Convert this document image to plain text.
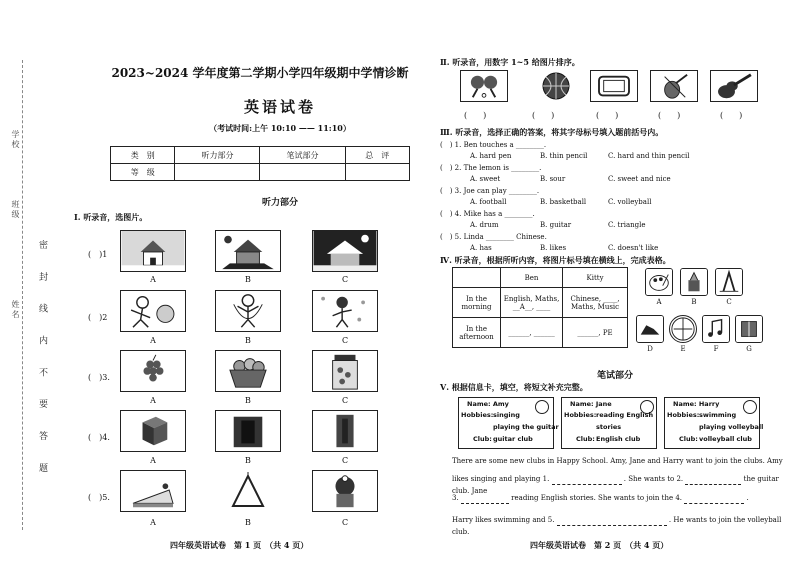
学校
班级
姓名 密 封 线 内 不 要 答 题
2023~2024 学年度第二学期小学四年级期中学情诊断
英语试卷
（考试时间:上午 10:10 —— 11:10）
类　别	听力部分	笔试部分	总　评
等　级			
听力部分
Ⅰ. 听录音，选图片。
(　)1
A	B	C
(　)2
A	B	C
(　)3.
A	B	C
(　)4.
A	B	C
(　)5.
A	B	C
四年级英语试卷　第 1 页　（共 4 页）
Ⅱ. 听录音，用数字 1~5 给图片排序。
(　　)	(　　)	(　　)	(　　)	(　　)
Ⅲ. 听录音，选择正确的答案，将其字母标号填入题前括号内。
(　) 1. Ben touches a ________.
A. hard pen	B. thin pencil	C. hard and thin pencil
(　) 2. The lemon is ________.
A. sweet	B. sour	C. sweet and nice
(　) 3. Joe can play ________.
A. football	B. basketball	C. volleyball
(　) 4. Mike has a ________.
A. drum	B. guitar	C. triangle
(　) 5. Linda ________ Chinese.
A. has	B. likes	C. doesn't like
Ⅳ. 听录音，根据所听内容，将图片标号填在横线上，完成表格。
	Ben	Kitty
In the morning	English, Maths, __A__, ____	Chinese, ____, Maths, Music
In the afternoon	______, ______	______, PE
A	B	C
D	E	F	G
笔试部分
Ⅴ. 根据信息卡，填空，将短文补充完整。
Name: Amy
Hobbies: singing
playing the guitar
Club: guitar club
Name: Jane
Hobbies: reading English
stories
Club: English club
Name: Harry
Hobbies: swimming
playing volleyball
Club: volleyball club
There are some new clubs in Happy School. Amy, Jane and Harry want to join the clubs. Amy
likes singing and playing 1.	. She wants to 2.	the guitar club. Jane
3.	reading English stories. She wants to join the 4.	.
Harry likes swimming and 5.	. He wants to join the volleyball club.
四年级英语试卷　第 2 页　（共 4 页）
